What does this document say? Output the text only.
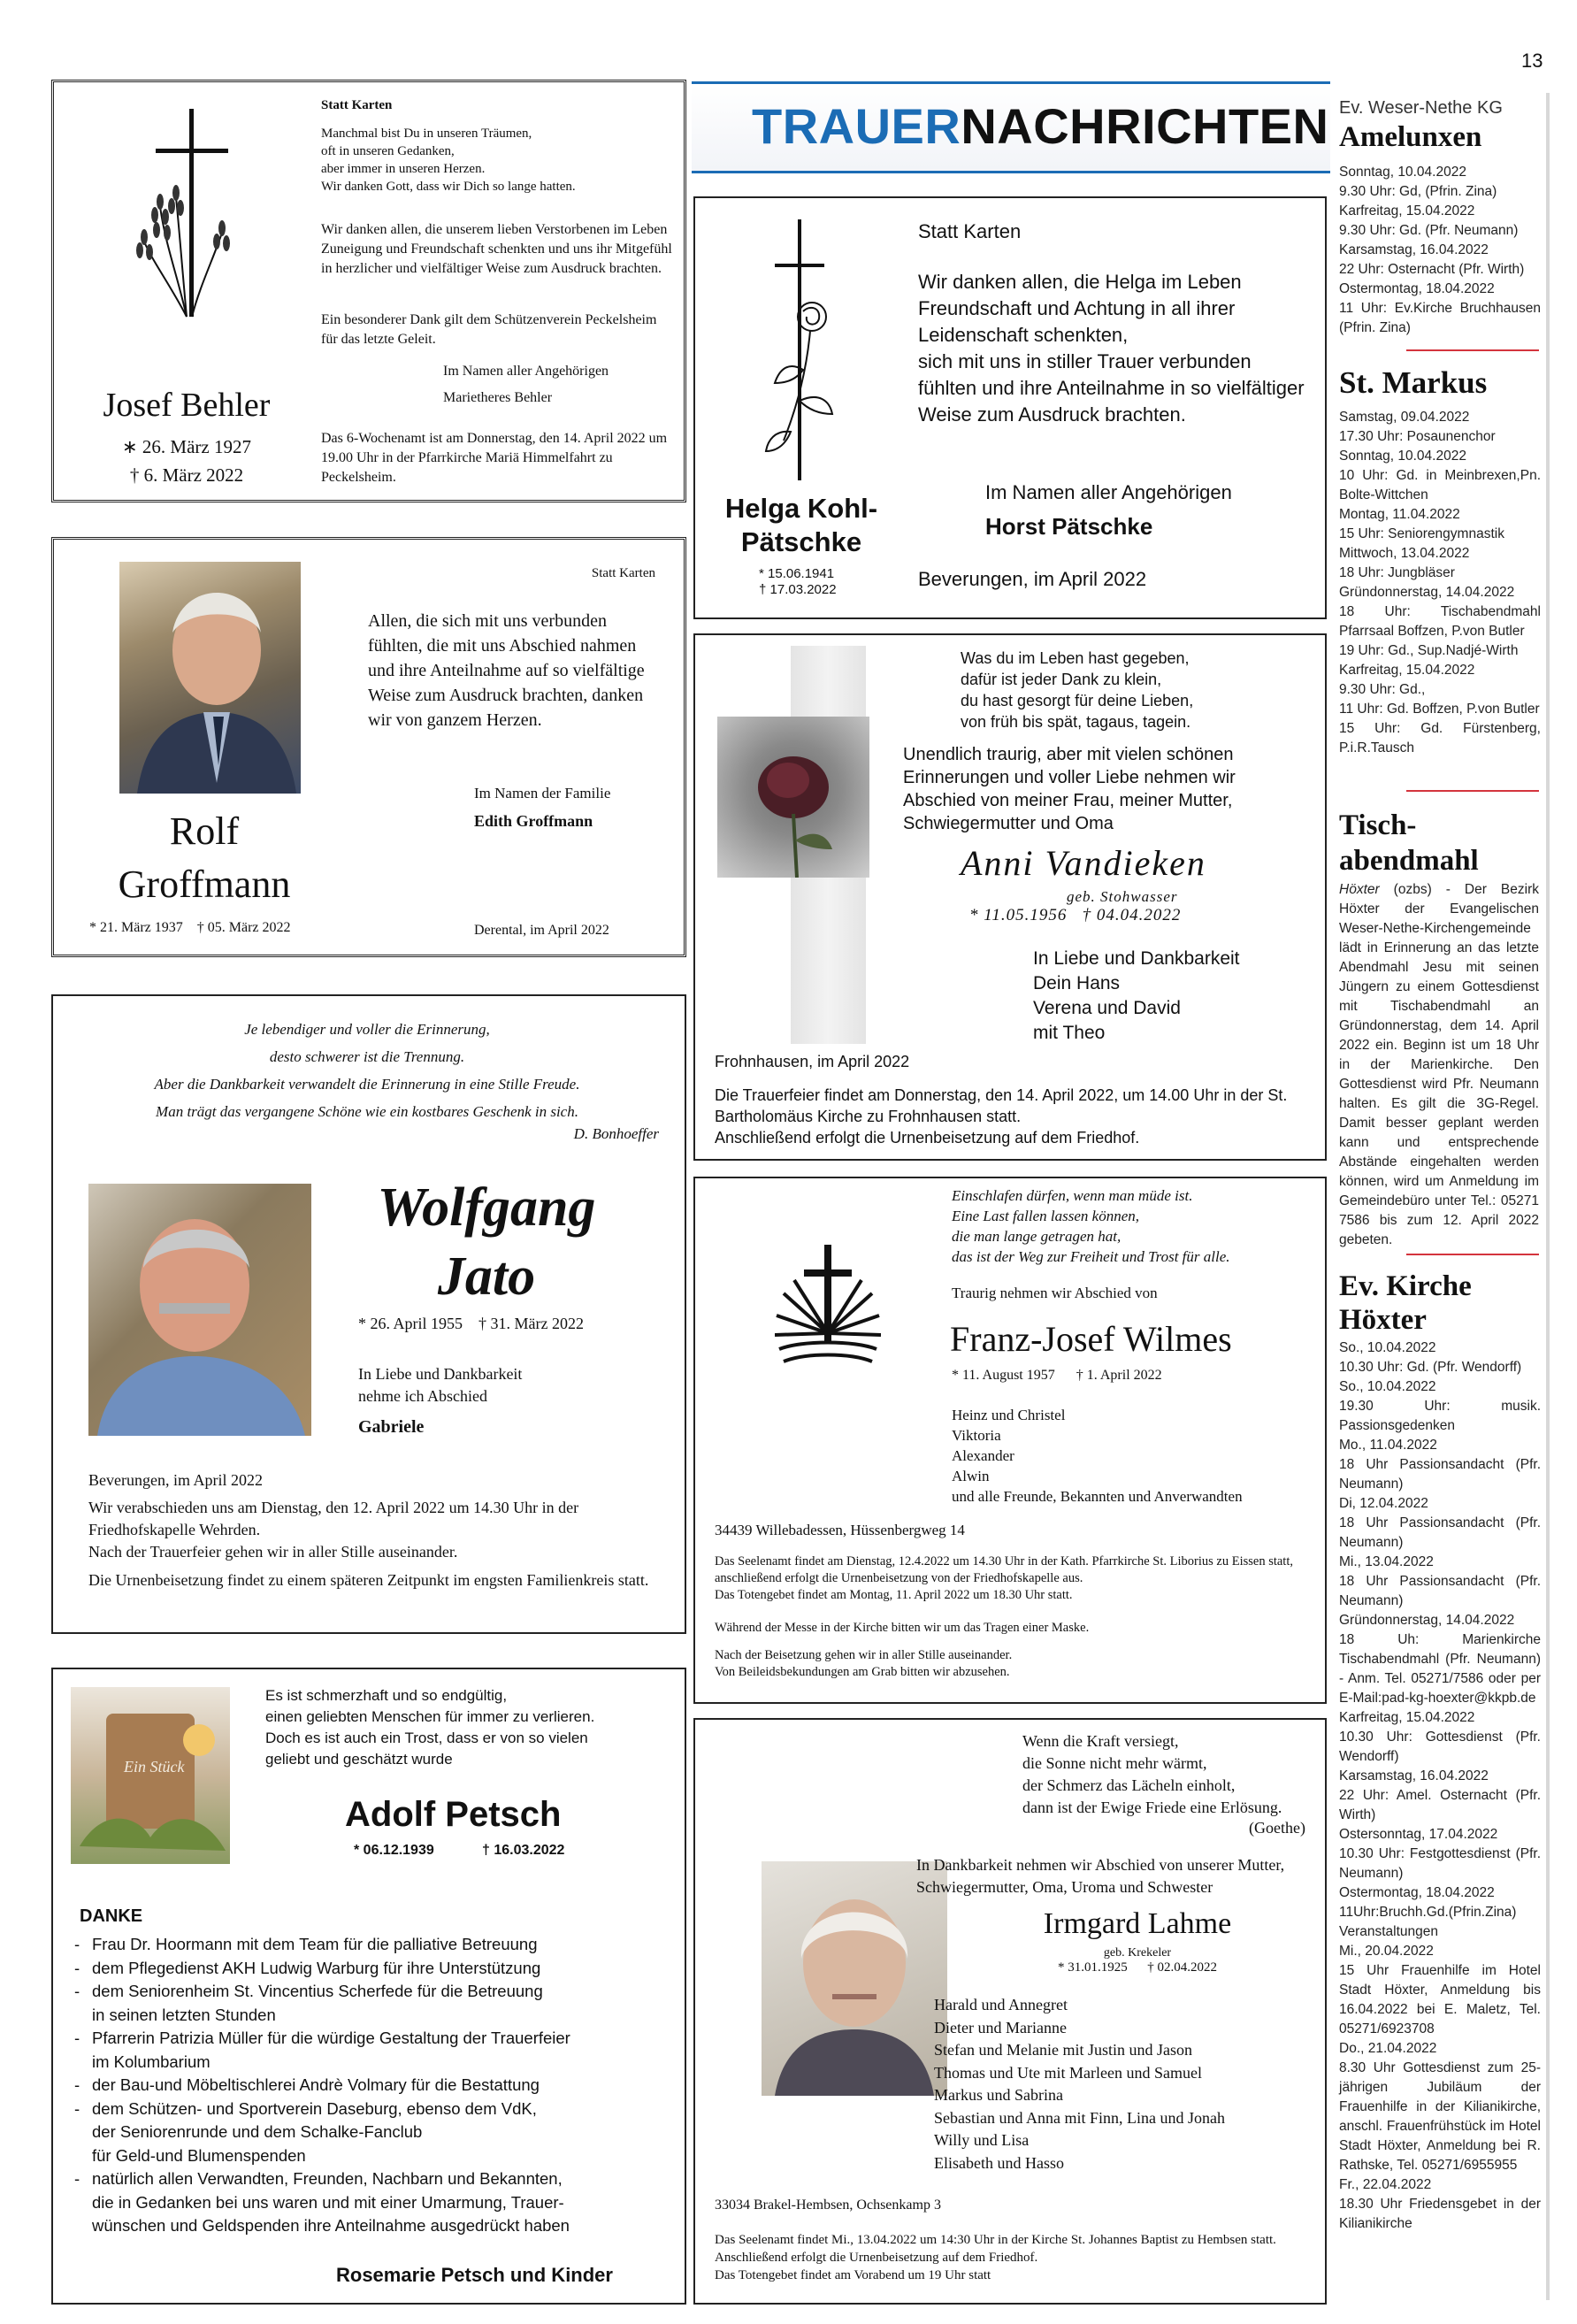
13
Josef Behler
∗ 26. März 1927
† 6. März 2022
Statt Karten
Manchmal bist Du in unseren Träumen,
oft in unseren Gedanken,
aber immer in unseren Herzen.
Wir danken Gott, dass wir Dich so lange hatten.
Wir danken allen, die unserem lieben Verstorbenen im Leben Zuneigung und Freundschaft schenkten und uns ihr Mitgefühl in herzlicher und vielfältiger Weise zum Ausdruck brachten.
Ein besonderer Dank gilt dem Schützenverein Peckelsheim für das letzte Geleit.
Im Namen aller Angehörigen
Marietheres Behler
Das 6-Wochenamt ist am Donnerstag, den 14. April 2022 um 19.00 Uhr in der Pfarrkirche Mariä Himmelfahrt zu Peckelsheim.
Rolf
Groffmann
* 21. März 1937    † 05. März 2022
Statt Karten
Allen, die sich mit uns verbunden fühlten, die mit uns Abschied nahmen und ihre Anteilnahme auf so vielfältige Weise zum Ausdruck brachten, danken wir von ganzem Herzen.
Im Namen der Familie
Edith Groffmann
Derental, im April 2022
Je lebendiger und voller die Erinnerung,
desto schwerer ist die Trennung.
Aber die Dankbarkeit verwandelt die Erinnerung in eine Stille Freude.
Man trägt das vergangene Schöne wie ein kostbares Geschenk in sich.
D. Bonhoeffer
Wolfgang
Jato
* 26. April 1955    † 31. März 2022
In Liebe und Dankbarkeit
nehme ich Abschied
Gabriele
Beverungen, im April 2022
Wir verabschieden uns am Dienstag, den 12. April 2022 um 14.30 Uhr in der Friedhofskapelle Wehrden.
Nach der Trauerfeier gehen wir in aller Stille auseinander.
Die Urnenbeisetzung findet zu einem späteren Zeitpunkt im engsten Familienkreis statt.
Ein Stück
Es ist schmerzhaft und so endgültig,
einen geliebten Menschen für immer zu verlieren.
Doch es ist auch ein Trost, dass er von so vielen
geliebt und geschätzt wurde
Adolf Petsch
* 06.12.1939	† 16.03.2022
DANKE
- Frau Dr. Hoormann mit dem Team für die palliative Betreuung
- dem Pflegedienst AKH Ludwig Warburg für ihre Unterstützung
- dem Seniorenheim St. Vincentius Scherfede für die Betreuung
in seinen letzten Stunden
- Pfarrerin Patrizia Müller für die würdige Gestaltung der Trauerfeier
im Kolumbarium
- der Bau-und Möbeltischlerei Andrè Volmary für die Bestattung
- dem Schützen- und Sportverein Daseburg, ebenso dem VdK,
der Seniorenrunde und dem Schalke-Fanclub
für Geld-und Blumenspenden
- natürlich allen Verwandten, Freunden, Nachbarn und Bekannten,
die in Gedanken bei uns waren und mit einer Umarmung, Trauer-
wünschen und Geldspenden ihre Anteilnahme ausgedrückt haben
Rosemarie Petsch und Kinder
TRAUERNACHRICHTEN
Helga Kohl-
Pätschke
* 15.06.1941
† 17.03.2022
Statt Karten
Wir danken allen, die Helga im Leben Freundschaft und Achtung in all ihrer Leidenschaft schenkten,
sich mit uns in stiller Trauer verbunden fühlten und ihre Anteilnahme in so vielfältiger Weise zum Ausdruck brachten.
Im Namen aller Angehörigen
Horst Pätschke
Beverungen, im April 2022
Was du im Leben hast gegeben,
dafür ist jeder Dank zu klein,
du hast gesorgt für deine Lieben,
von früh bis spät, tagaus, tagein.
Unendlich traurig, aber mit vielen schönen Erinnerungen und voller Liebe nehmen wir Abschied von meiner Frau, meiner Mutter, Schwiegermutter und Oma
Anni Vandieken
geb. Stohwasser
* 11.05.1956   † 04.04.2022
In Liebe und Dankbarkeit
Dein Hans
Verena und David
mit Theo
Frohnhausen, im April 2022
Die Trauerfeier findet am Donnerstag, den 14. April 2022, um 14.00 Uhr in der St. Bartholomäus Kirche zu Frohnhausen statt.
Anschließend erfolgt die Urnenbeisetzung auf dem Friedhof.
Einschlafen dürfen, wenn man müde ist.
Eine Last fallen lassen können,
die man lange getragen hat,
das ist der Weg zur Freiheit und Trost für alle.
Traurig nehmen wir Abschied von
Franz-Josef Wilmes
* 11. August 1957      † 1. April 2022
Heinz und Christel
Viktoria
Alexander
Alwin
und alle Freunde, Bekannten und Anverwandten
34439 Willebadessen, Hüssenbergweg 14
Das Seelenamt findet am Dienstag, 12.4.2022 um 14.30 Uhr in der Kath. Pfarrkirche St. Liborius zu Eissen statt, anschließend erfolgt die Urnenbeisetzung von der Friedhofskapelle aus.
Das Totengebet findet am Montag, 11. April 2022 um 18.30 Uhr statt.
Während der Messe in der Kirche bitten wir um das Tragen einer Maske.
Nach der Beisetzung gehen wir in aller Stille auseinander.
Von Beileidsbekundungen am Grab bitten wir abzusehen.
Wenn die Kraft versiegt,
die Sonne nicht mehr wärmt,
der Schmerz das Lächeln einholt,
dann ist der Ewige Friede eine Erlösung.
(Goethe)
In Dankbarkeit nehmen wir Abschied von unserer Mutter, Schwiegermutter, Oma, Uroma und Schwester
Irmgard Lahme
geb. Krekeler
* 31.01.1925      † 02.04.2022
Harald und Annegret
Dieter und Marianne
Stefan und Melanie mit Justin und Jason
Thomas und Ute mit Marleen und Samuel
Markus und Sabrina
Sebastian und Anna mit Finn, Lina und Jonah
Willy und Lisa
Elisabeth und Hasso
33034 Brakel-Hembsen, Ochsenkamp 3
Das Seelenamt findet Mi., 13.04.2022 um 14:30 Uhr in der Kirche St. Johannes Baptist zu Hembsen statt. Anschließend erfolgt die Urnenbeisetzung auf dem Friedhof.
Das Totengebet findet am Vorabend um 19 Uhr statt
Ev. Weser-Nethe KG
Amelunxen

Sonntag, 10.04.2022

9.30 Uhr: Gd, (Pfrin. Zina)

Karfreitag, 15.04.2022

9.30 Uhr: Gd. (Pfr. Neumann)

Karsamstag, 16.04.2022

22 Uhr: Osternacht (Pfr. Wirth)

Ostermontag, 18.04.2022

11 Uhr: Ev.Kirche Bruchhausen (Pfrin. Zina)

St. Markus

Samstag, 09.04.2022

17.30 Uhr: Posaunenchor

Sonntag, 10.04.2022

10 Uhr: Gd. in Meinbrexen,Pn. Bolte-Wittchen

Montag, 11.04.2022

15 Uhr: Seniorengymnastik

Mittwoch, 13.04.2022

18 Uhr: Jungbläser

Gründonnerstag, 14.04.2022

18 Uhr: Tischabendmahl Pfarrsaal Boffzen, P.von Butler

19 Uhr: Gd., Sup.Nadjé-Wirth

Karfreitag, 15.04.2022

9.30 Uhr: Gd.,

11 Uhr: Gd. Boffzen, P.von Butler

15 Uhr: Gd. Fürstenberg, P.i.R.Tausch

Tisch-
abendmahl
Höxter (ozbs) - Der Bezirk Höxter der Evangelischen Weser-Nethe-Kirchengemeinde lädt in Erinnerung an das letzte Abendmahl Jesu mit seinen Jüngern zu einem Gottesdienst mit Tischabendmahl an Gründonnerstag, dem 14. April 2022 ein. Beginn ist um 18 Uhr in der Marienkirche. Den Gottesdienst wird Pfr. Neumann halten. Es gilt die 3G-Regel. Damit besser geplant werden kann und entsprechende Abstände eingehalten werden können, wird um Anmeldung im Gemeindebüro unter Tel.: 05271 7586 bis zum 12. April 2022 gebeten.
Ev. Kirche
Höxter

So., 10.04.2022

10.30 Uhr: Gd. (Pfr. Wendorff)

So., 10.04.2022

19.30 Uhr: musik. Passionsgedenken

Mo., 11.04.2022

18 Uhr Passionsandacht (Pfr. Neumann)

Di, 12.04.2022

18 Uhr Passionsandacht (Pfr. Neumann)

Mi., 13.04.2022

18 Uhr Passionsandacht (Pfr. Neumann)

Gründonnerstag, 14.04.2022

18 Uh: Marienkirche Tischabendmahl (Pfr. Neumann) - Anm. Tel. 05271/7586 oder per E-Mail:pad-kg-hoexter@kkpb.de

Karfreitag, 15.04.2022

10.30 Uhr: Gottesdienst (Pfr. Wendorff)

Karsamstag, 16.04.2022

22 Uhr: Amel. Osternacht (Pfr. Wirth)

Ostersonntag, 17.04.2022

10.30 Uhr: Festgottesdienst (Pfr. Neumann)

Ostermontag, 18.04.2022

11Uhr:Bruchh.Gd.(Pfrin.Zina) Veranstaltungen

Mi., 20.04.2022

15 Uhr Frauenhilfe im Hotel Stadt Höxter, Anmeldung bis 16.04.2022 bei E. Maletz, Tel. 05271/6923708

Do., 21.04.2022

8.30 Uhr Gottesdienst zum 25-jährigen Jubiläum der Frauenhilfe in der Kilianikirche, anschl. Frauenfrühstück im Hotel Stadt Höxter, Anmeldung bei R. Rathske, Tel. 05271/6955955

Fr., 22.04.2022

18.30 Uhr Friedensgebet in der Kilianikirche
